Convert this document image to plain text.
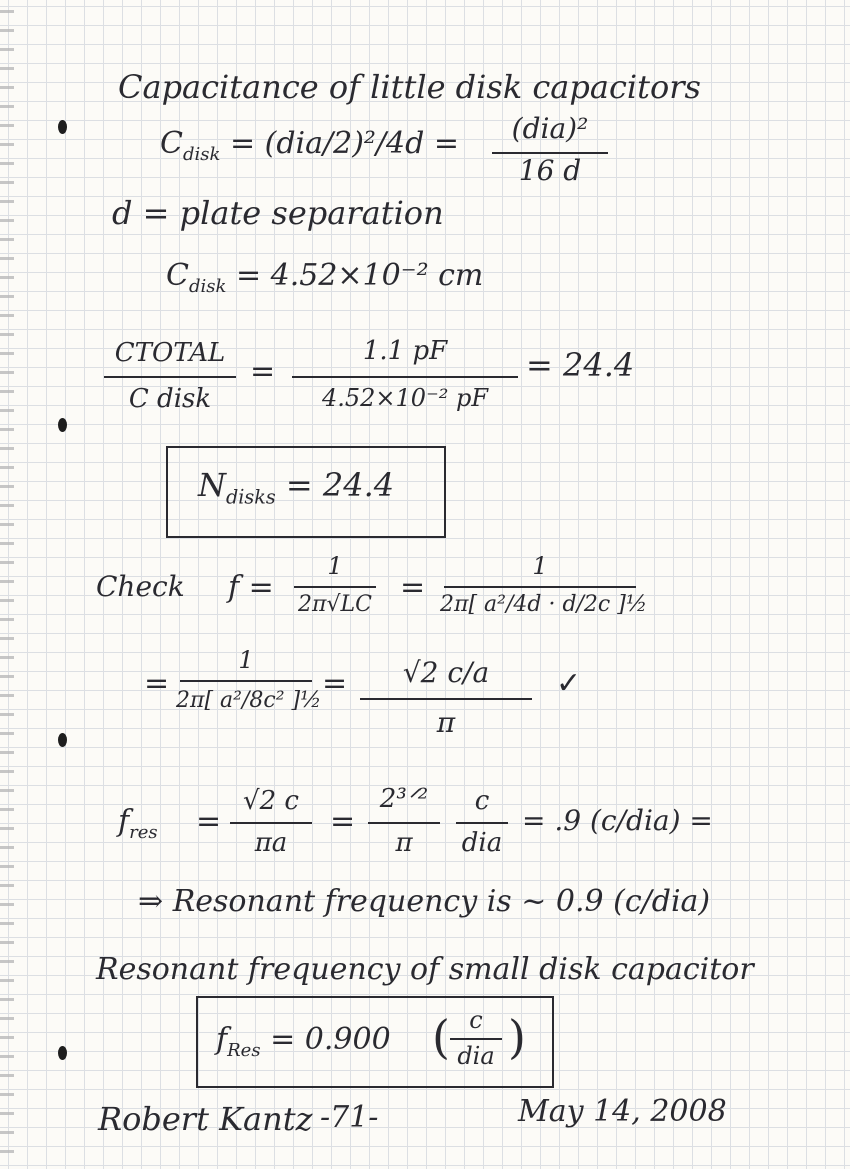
Capacitance of little disk capacitors
$C_{disk} = (dia/2)^2/4d$ =	(dia)²
16 d
d = plate separation
$C_{disk} = 4.52\times 10^{-2}$ cm
CTOTAL
C disk
=
1.1 pF
4.52×10⁻² pF
= 24.4
$N_{disks} = 24.4$
Check f =
1
2π√LC =
1
2π[ a²/4d · d/2c ]½
=
1
2π[ a²/8c² ]½ =	√2 c/a
π
✓
$f_{res}$ =
√2 c
πa
=
2³ᐟ²
π
c
dia
= .9 (c/dia) =
⇒ Resonant frequency is ~ 0.9 (c/dia)
Resonant frequency of small disk capacitor
$f_{Res} = 0.900$ ( c
dia )
Robert Kantz -71-	May 14, 2008
